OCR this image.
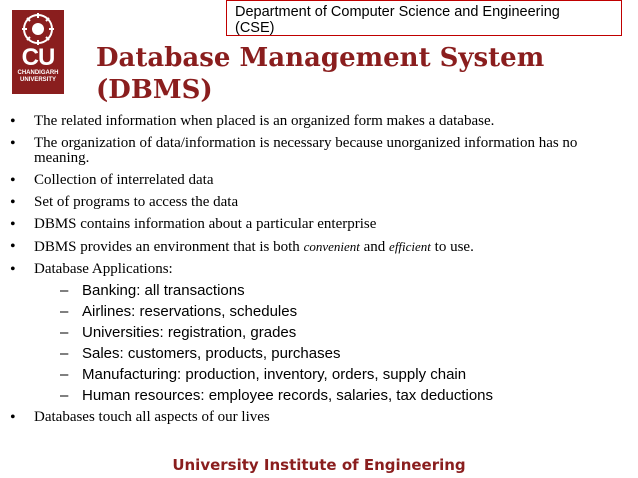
CU
CHANDIGARH UNIVERSITY
Department of Computer Science and Engineering
(CSE)
Database Management System
(DBMS)
• The related information when placed is an organized form makes a database.
• The organization of data/information is necessary because unorganized information has no meaning.
• Collection of interrelated data
• Set of programs to access the data
• DBMS contains information about a particular enterprise
• DBMS provides an environment that is both convenient and efficient to use.
• Database Applications:
– Banking: all transactions
– Airlines: reservations, schedules
– Universities: registration, grades
– Sales: customers, products, purchases
– Manufacturing: production, inventory, orders, supply chain
– Human resources: employee records, salaries, tax deductions
• Databases touch all aspects of our lives
University Institute of Engineering
